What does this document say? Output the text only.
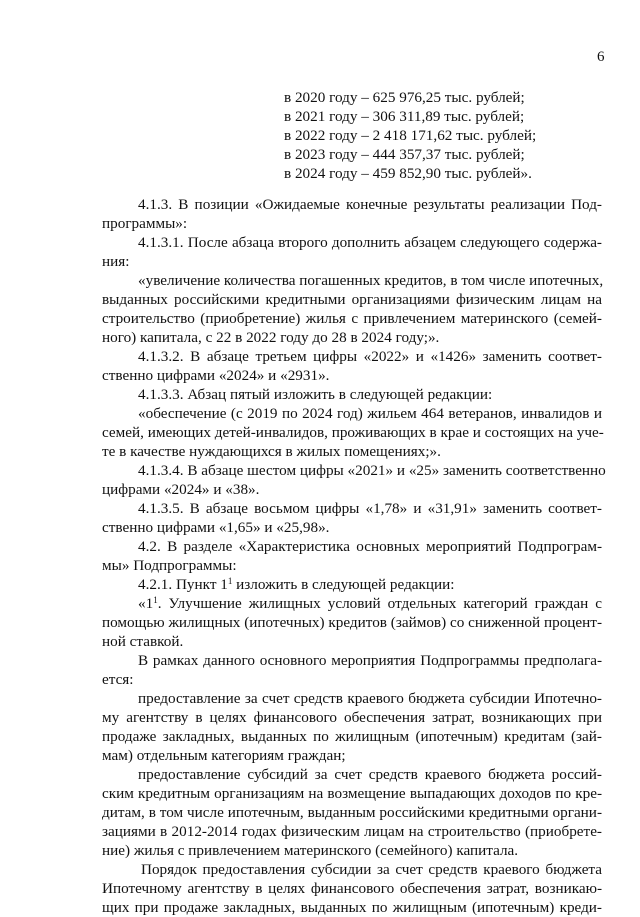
6
в 2020 году – 625 976,25 тыс. рублей;
в 2021 году – 306 311,89 тыс. рублей;
в 2022 году – 2 418 171,62 тыс. рублей;
в 2023 году – 444 357,37 тыс. рублей;
в 2024 году – 459 852,90 тыс. рублей».
4.1.3. В позиции «Ожидаемые конечные результаты реализации Под-
программы»:
4.1.3.1. После абзаца второго дополнить абзацем следующего содержа-
ния:
«увеличение количества погашенных кредитов, в том числе ипотечных,
выданных российскими кредитными организациями физическим лицам на
строительство (приобретение) жилья с привлечением материнского (семей-
ного) капитала, с 22 в 2022 году до 28 в 2024 году;».
4.1.3.2. В абзаце третьем цифры «2022» и «1426» заменить соответ-
ственно цифрами «2024» и «2931».
4.1.3.3. Абзац пятый изложить в следующей редакции:
«обеспечение (с 2019 по 2024 год) жильем 464 ветеранов, инвалидов и
семей, имеющих детей-инвалидов, проживающих в крае и состоящих на уче-
те в качестве нуждающихся в жилых помещениях;».
4.1.3.4. В абзаце шестом цифры «2021» и «25» заменить соответственно
цифрами «2024» и «38».
4.1.3.5. В абзаце восьмом цифры «1,78» и «31,91» заменить соответ-
ственно цифрами «1,65» и «25,98».
4.2. В разделе «Характеристика основных мероприятий Подпрограм-
мы» Подпрограммы:
4.2.1. Пункт $1^1$ изложить в следующей редакции:
«$1^1$. Улучшение жилищных условий отдельных категорий граждан с
помощью жилищных (ипотечных) кредитов (займов) со сниженной процент-
ной ставкой.
В рамках данного основного мероприятия Подпрограммы предполага-
ется:
предоставление за счет средств краевого бюджета субсидии Ипотечно-
му агентству в целях финансового обеспечения затрат, возникающих при
продаже закладных, выданных по жилищным (ипотечным) кредитам (зай-
мам) отдельным категориям граждан;
предоставление субсидий за счет средств краевого бюджета россий-
ским кредитным организациям на возмещение выпадающих доходов по кре-
дитам, в том числе ипотечным, выданным российскими кредитными органи-
зациями в 2012-2014 годах физическим лицам на строительство (приобрете-
ние) жилья с привлечением материнского (семейного) капитала.
Порядок предоставления субсидии за счет средств краевого бюджета
Ипотечному агентству в целях финансового обеспечения затрат, возникаю-
щих при продаже закладных, выданных по жилищным (ипотечным) креди-
